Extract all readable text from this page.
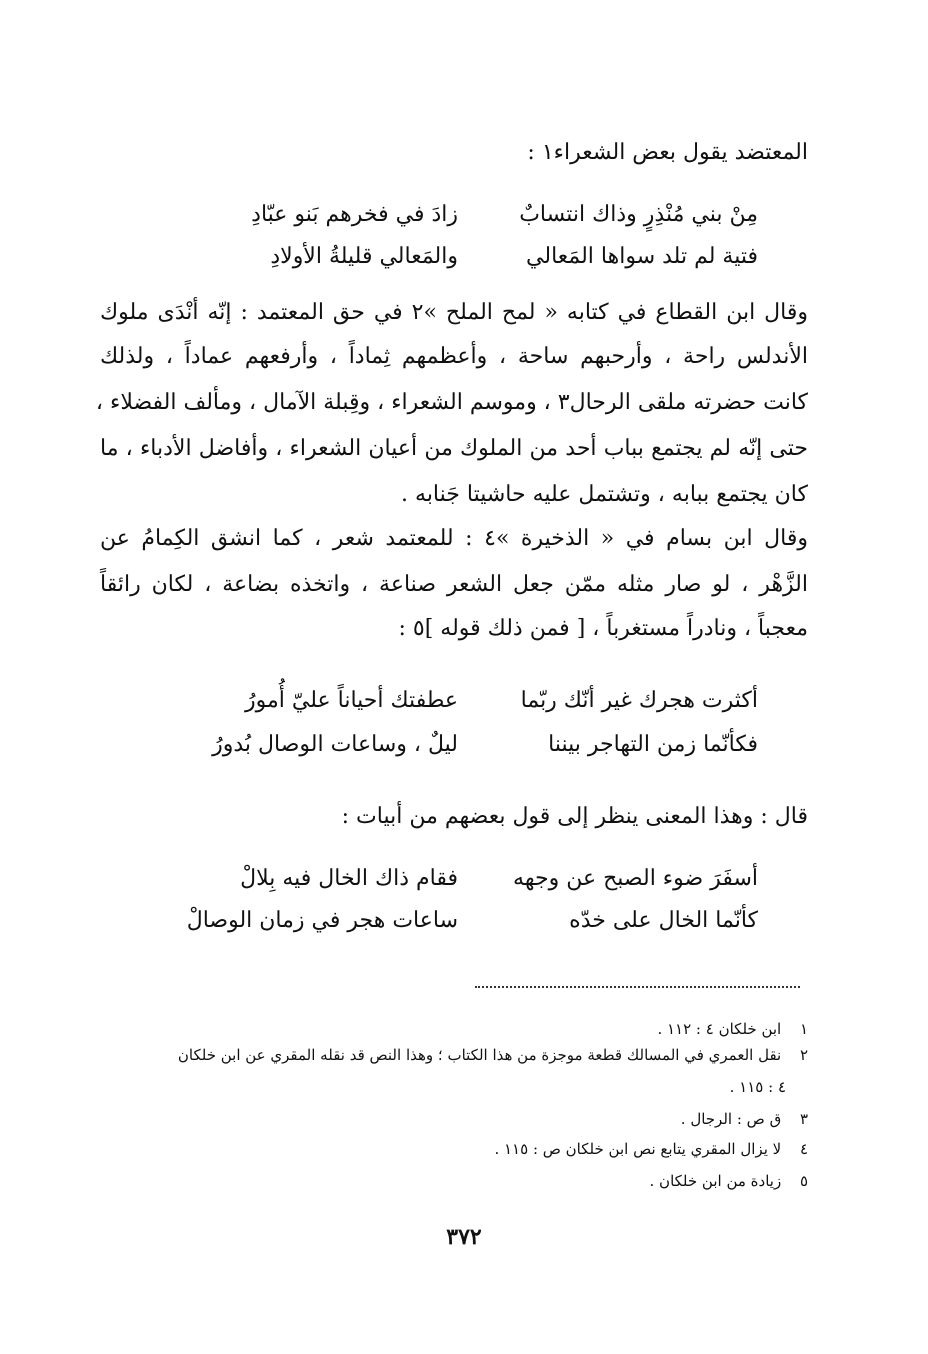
المعتضد يقول بعض الشعراء١ :
مِنْ بني مُنْذِرٍ وذاك انتسابٌ
زادَ في فخرهم بَنو عبّادِ
فتية لم تلد سواها المَعالي
والمَعالي قليلةُ الأولادِ
وقال ابن القطاع في كتابه « لمح الملح »٢ في حق المعتمد : إنّه أنْدَى ملوك
الأندلس راحة ، وأرحبهم ساحة ، وأعظمهم ثِماداً ، وأرفعهم عماداً ، ولذلك
كانت حضرته ملقى الرحال٣ ، وموسم الشعراء ، وقِبلة الآمال ، ومألف الفضلاء ،
حتى إنّه لم يجتمع بباب أحد من الملوك من أعيان الشعراء ، وأفاضل الأدباء ، ما
كان يجتمع ببابه ، وتشتمل عليه حاشيتا جَنابه .
وقال ابن بسام في « الذخيرة »٤ : للمعتمد شعر ، كما انشق الكِمامُ عن
الزَّهْر ، لو صار مثله ممّن جعل الشعر صناعة ، واتخذه بضاعة ، لكان رائقاً
معجباً ، ونادراً مستغرباً ، [ فمن ذلك قوله ]٥ :
أكثرت هجرك غير أنّك ربّما
عطفتك أحياناً عليّ أُمورُ
فكأنّما زمن التهاجر بيننا
ليلٌ ، وساعات الوصال بُدورُ
قال : وهذا المعنى ينظر إلى قول بعضهم من أبيات :
أسفَرَ ضوء الصبح عن وجهه
فقام ذاك الخال فيه بِلالْ
كأنّما الخال على خدّه
ساعات هجر في زمان الوصالْ
١ ابن خلكان ٤ : ١١٢ .
٢ نقل العمري في المسالك قطعة موجزة من هذا الكتاب ؛ وهذا النص قد نقله المقري عن ابن خلكان
٤ : ١١٥ .
٣ ق ص : الرجال .
٤ لا يزال المقري يتابع نص ابن خلكان ص : ١١٥ .
٥ زيادة من ابن خلكان .
٣٧٢
